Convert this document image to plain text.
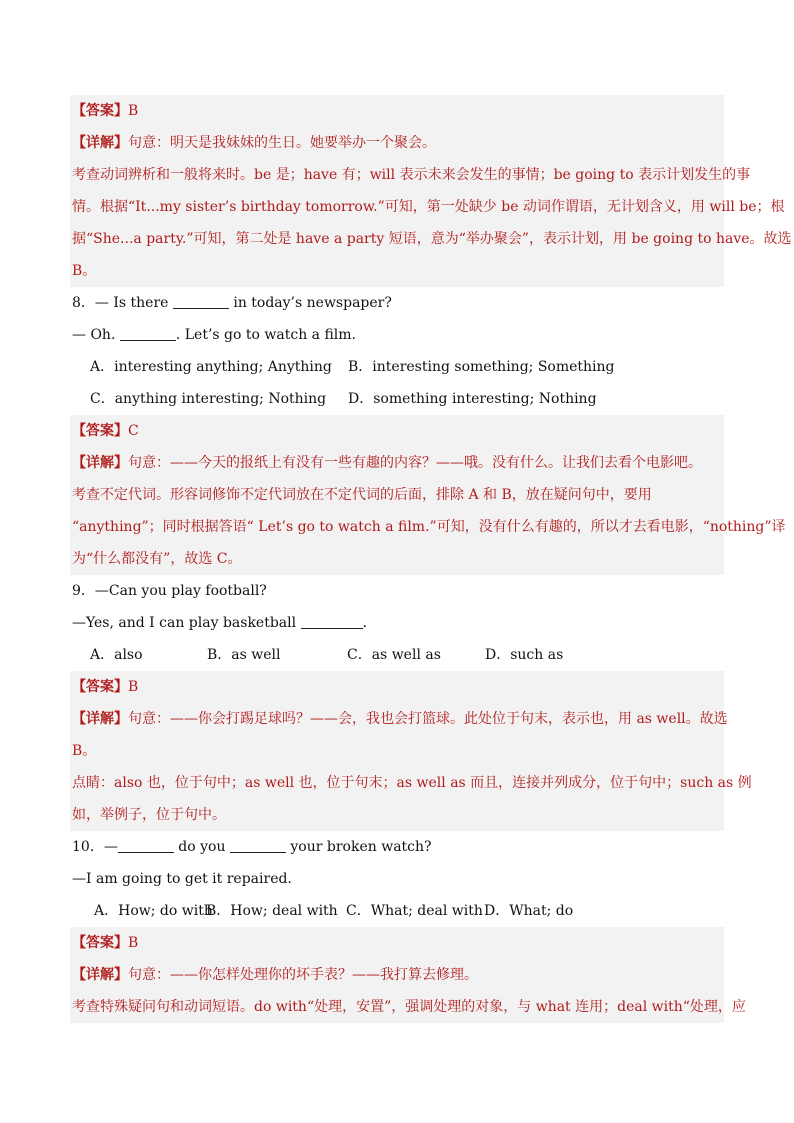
【答案】B
【详解】句意：明天是我妹妹的生日。她要举办一个聚会。
考查动词辨析和一般将来时。be 是；have 有；will 表示未来会发生的事情；be going to 表示计划发生的事
情。根据“It...my sister’s birthday tomorrow.”可知，第一处缺少 be 动词作谓语，无计划含义，用 will be；根
据“She...a party.”可知，第二处是 have a party 短语，意为“举办聚会”，表示计划，用 be going to have。故选
B。
8．— Is there	in today’s newspaper?
— Oh.	. Let’s go to watch a film.
A．interesting anything; Anything	B．interesting something; Something
C．anything interesting; Nothing	D．something interesting; Nothing
【答案】C
【详解】句意：——今天的报纸上有没有一些有趣的内容？——哦。没有什么。让我们去看个电影吧。
考查不定代词。形容词修饰不定代词放在不定代词的后面，排除 A 和 B，放在疑问句中，要用
“anything”；同时根据答语“ Let’s go to watch a film.”可知，没有什么有趣的，所以才去看电影，“nothing”译
为“什么都没有”，故选 C。
9．—Can you play football?
—Yes, and I can play basketball	.
A．also	B．as well	C．as well as	D．such as
【答案】B
【详解】句意：——你会打踢足球吗？——会，我也会打篮球。此处位于句末，表示也，用 as well。故选
B。
点睛：also 也，位于句中；as well 也，位于句末；as well as 而且，连接并列成分，位于句中；such as 例
如，举例子，位于句中。
10．—	do you	your broken watch?
—I am going to get it repaired.
A．How; do with
B．How; deal with C．What; deal with D．What; do
【答案】B
【详解】句意：——你怎样处理你的坏手表？——我打算去修理。
考查特殊疑问句和动词短语。do with“处理，安置”，强调处理的对象，与 what 连用；deal with“处理，应
